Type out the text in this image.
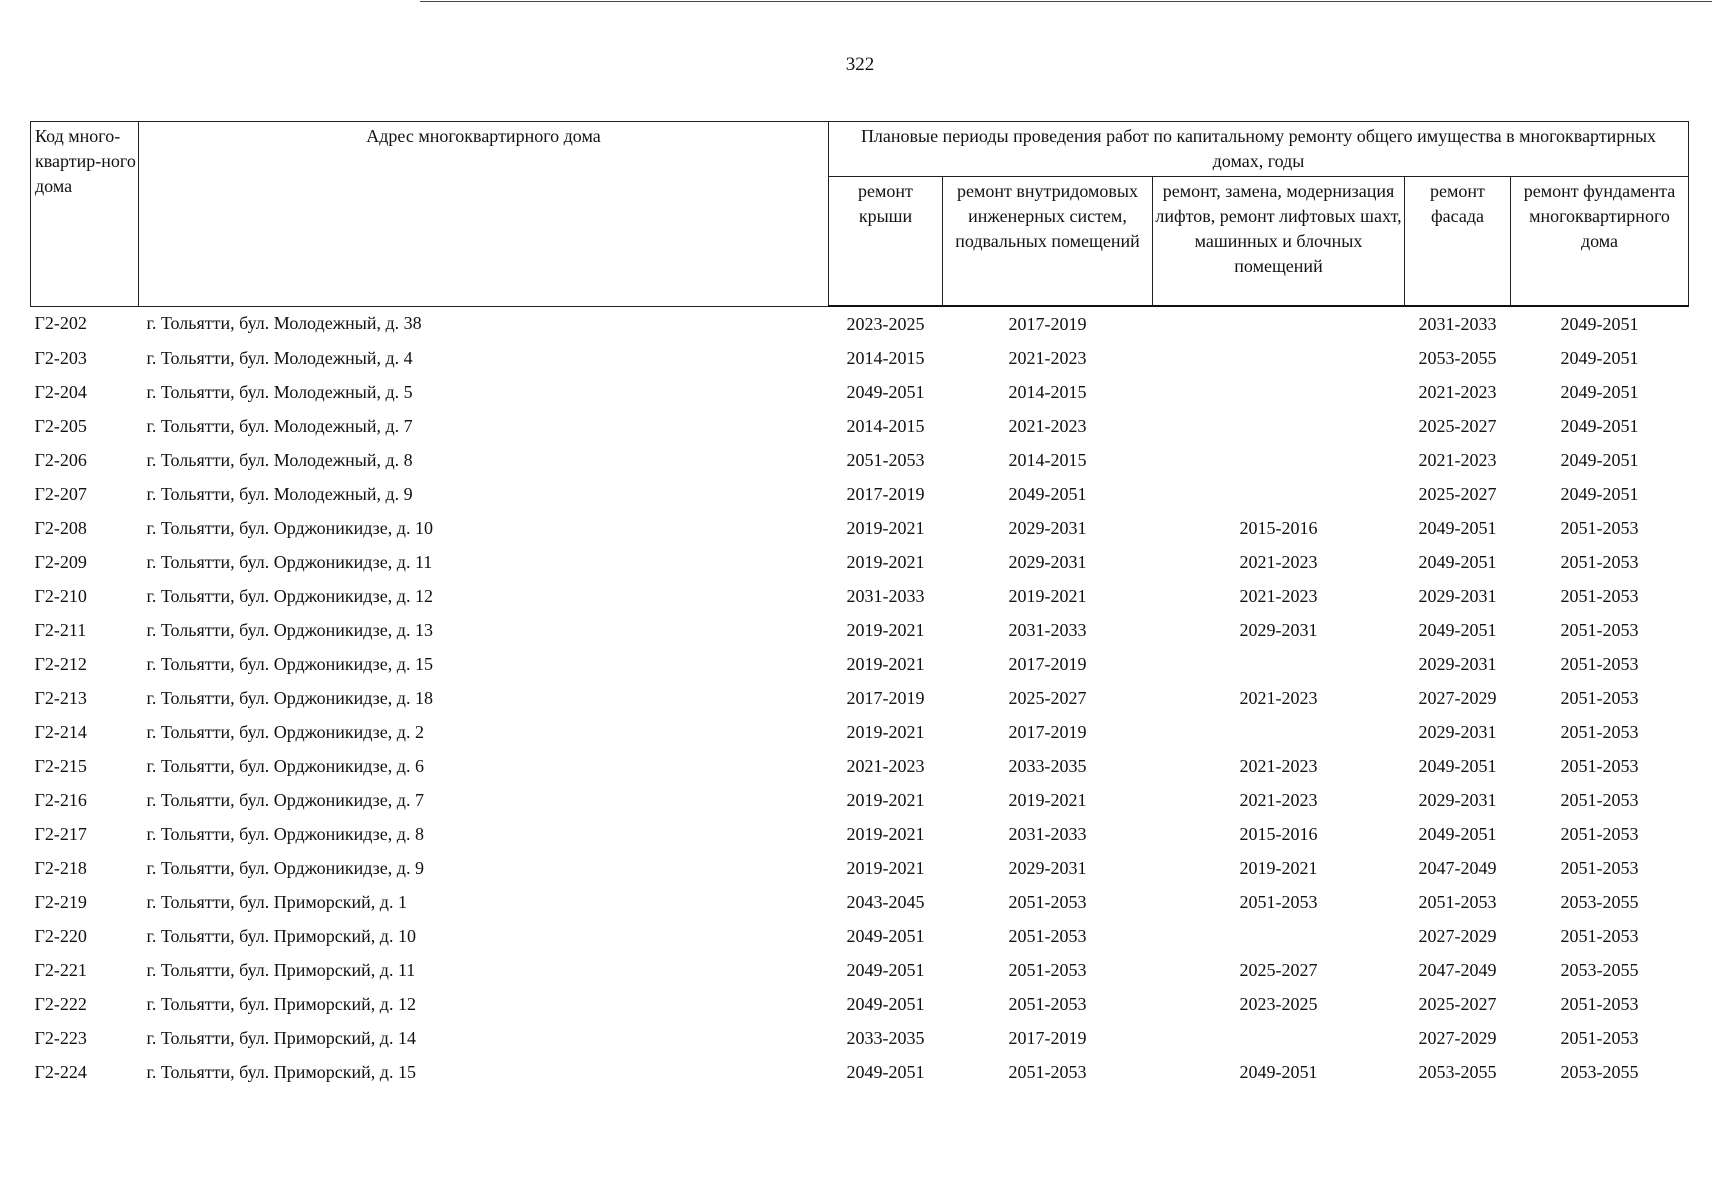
322
Код много-квартир-ного дома	Адрес многоквартирного дома	Плановые периоды проведения работ по капитальному ремонту общего имущества в многоквартирных домах, годы				
		ремонт крыши	ремонт внутридомовых инженерных систем, подвальных помещений	ремонт, замена, модернизация лифтов, ремонт лифтовых шахт, машинных и блочных помещений	ремонт фасада	ремонт фундамента многоквартирного дома
Г2-202	г. Тольятти, бул. Молодежный, д. 38	2023-2025	2017-2019		2031-2033	2049-2051
Г2-203	г. Тольятти, бул. Молодежный, д. 4	2014-2015	2021-2023		2053-2055	2049-2051
Г2-204	г. Тольятти, бул. Молодежный, д. 5	2049-2051	2014-2015		2021-2023	2049-2051
Г2-205	г. Тольятти, бул. Молодежный, д. 7	2014-2015	2021-2023		2025-2027	2049-2051
Г2-206	г. Тольятти, бул. Молодежный, д. 8	2051-2053	2014-2015		2021-2023	2049-2051
Г2-207	г. Тольятти, бул. Молодежный, д. 9	2017-2019	2049-2051		2025-2027	2049-2051
Г2-208	г. Тольятти, бул. Орджоникидзе, д. 10	2019-2021	2029-2031	2015-2016	2049-2051	2051-2053
Г2-209	г. Тольятти, бул. Орджоникидзе, д. 11	2019-2021	2029-2031	2021-2023	2049-2051	2051-2053
Г2-210	г. Тольятти, бул. Орджоникидзе, д. 12	2031-2033	2019-2021	2021-2023	2029-2031	2051-2053
Г2-211	г. Тольятти, бул. Орджоникидзе, д. 13	2019-2021	2031-2033	2029-2031	2049-2051	2051-2053
Г2-212	г. Тольятти, бул. Орджоникидзе, д. 15	2019-2021	2017-2019		2029-2031	2051-2053
Г2-213	г. Тольятти, бул. Орджоникидзе, д. 18	2017-2019	2025-2027	2021-2023	2027-2029	2051-2053
Г2-214	г. Тольятти, бул. Орджоникидзе, д. 2	2019-2021	2017-2019		2029-2031	2051-2053
Г2-215	г. Тольятти, бул. Орджоникидзе, д. 6	2021-2023	2033-2035	2021-2023	2049-2051	2051-2053
Г2-216	г. Тольятти, бул. Орджоникидзе, д. 7	2019-2021	2019-2021	2021-2023	2029-2031	2051-2053
Г2-217	г. Тольятти, бул. Орджоникидзе, д. 8	2019-2021	2031-2033	2015-2016	2049-2051	2051-2053
Г2-218	г. Тольятти, бул. Орджоникидзе, д. 9	2019-2021	2029-2031	2019-2021	2047-2049	2051-2053
Г2-219	г. Тольятти, бул. Приморский, д. 1	2043-2045	2051-2053	2051-2053	2051-2053	2053-2055
Г2-220	г. Тольятти, бул. Приморский, д. 10	2049-2051	2051-2053		2027-2029	2051-2053
Г2-221	г. Тольятти, бул. Приморский, д. 11	2049-2051	2051-2053	2025-2027	2047-2049	2053-2055
Г2-222	г. Тольятти, бул. Приморский, д. 12	2049-2051	2051-2053	2023-2025	2025-2027	2051-2053
Г2-223	г. Тольятти, бул. Приморский, д. 14	2033-2035	2017-2019		2027-2029	2051-2053
Г2-224	г. Тольятти, бул. Приморский, д. 15	2049-2051	2051-2053	2049-2051	2053-2055	2053-2055
